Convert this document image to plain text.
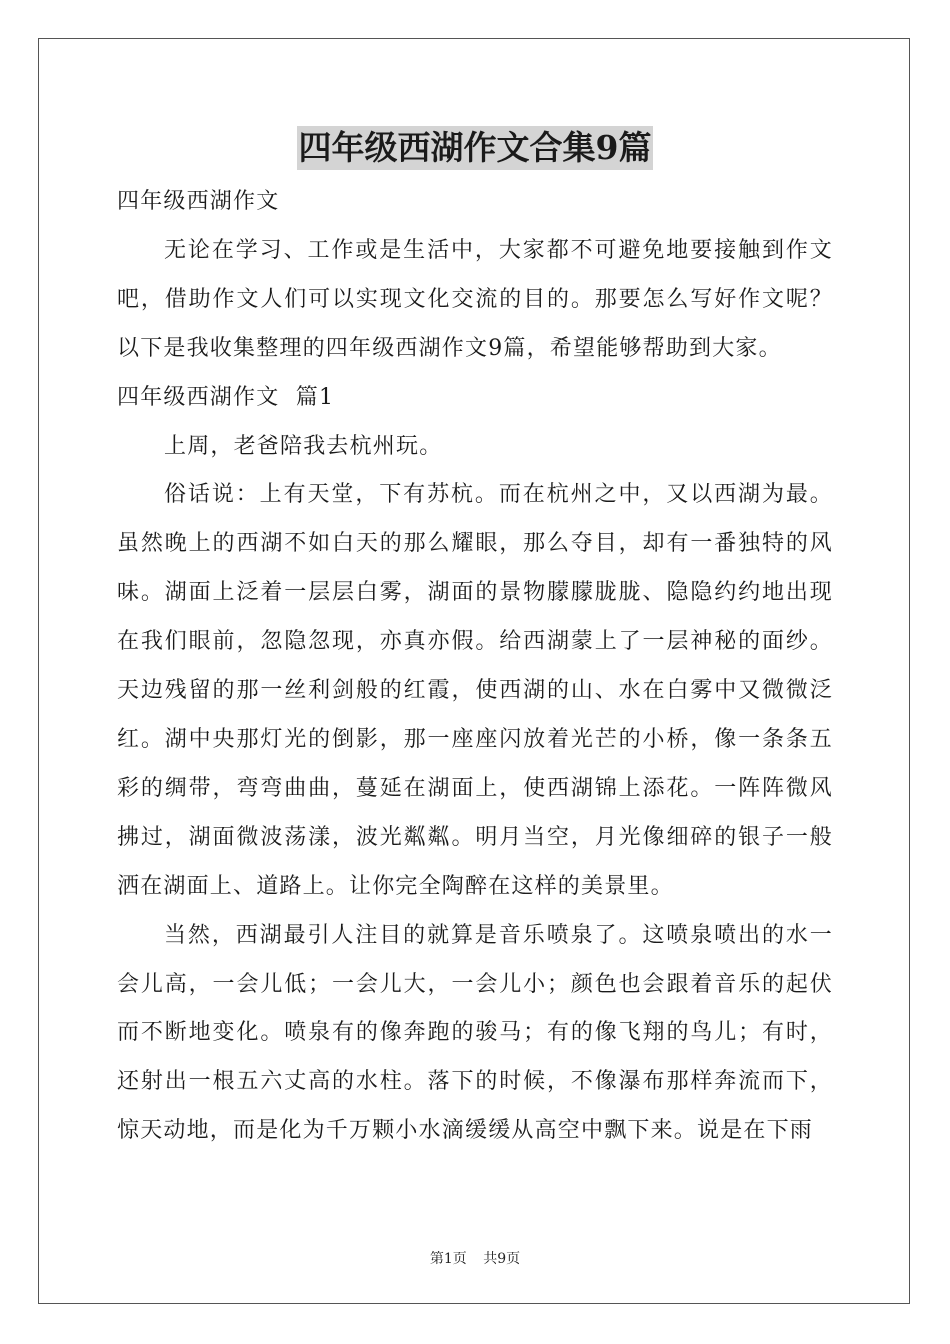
四年级西湖作文合集9篇

四年级西湖作文

无论在学习、工作或是生活中，大家都不可避免地要接触到作文吧，借助作文人们可以实现文化交流的目的。那要怎么写好作文呢？以下是我收集整理的四年级西湖作文9篇，希望能够帮助到大家。

四年级西湖作文  篇1

上周，老爸陪我去杭州玩。

俗话说：上有天堂，下有苏杭。而在杭州之中，又以西湖为最。虽然晚上的西湖不如白天的那么耀眼，那么夺目，却有一番独特的风味。湖面上泛着一层层白雾，湖面的景物朦朦胧胧、隐隐约约地出现在我们眼前，忽隐忽现，亦真亦假。给西湖蒙上了一层神秘的面纱。天边残留的那一丝利剑般的红霞，使西湖的山、水在白雾中又微微泛红。湖中央那灯光的倒影，那一座座闪放着光芒的小桥，像一条条五彩的绸带，弯弯曲曲，蔓延在湖面上，使西湖锦上添花。一阵阵微风拂过，湖面微波荡漾，波光粼粼。明月当空，月光像细碎的银子一般洒在湖面上、道路上。让你完全陶醉在这样的美景里。

当然，西湖最引人注目的就算是音乐喷泉了。这喷泉喷出的水一会儿高，一会儿低；一会儿大，一会儿小；颜色也会跟着音乐的起伏而不断地变化。喷泉有的像奔跑的骏马；有的像飞翔的鸟儿；有时，还射出一根五六丈高的水柱。落下的时候，不像瀑布那样奔流而下，惊天动地，而是化为千万颗小水滴缓缓从高空中飘下来。说是在下雨

第1页 共9页
